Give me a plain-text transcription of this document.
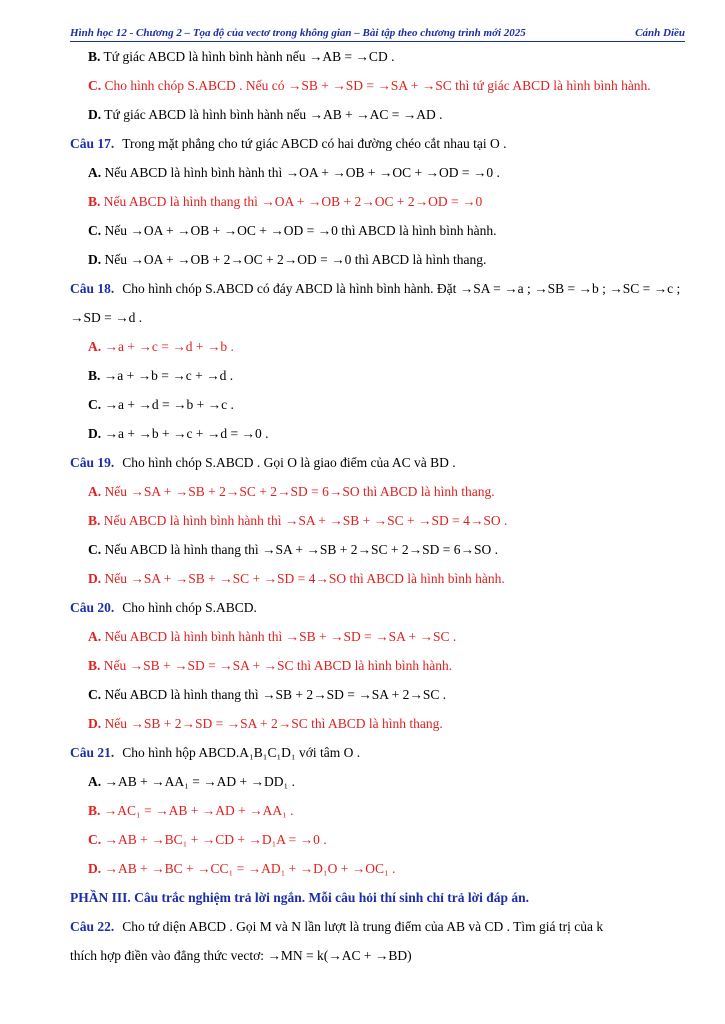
Hình học 12 - Chương 2 – Tọa độ của vectơ trong không gian – Bài tập theo chương trình mới 2025	Cánh Diều
B. Tứ giác ABCD là hình bình hành nếu →AB = →CD .
C. Cho hình chóp S.ABCD . Nếu có →SB + →SD = →SA + →SC thì tứ giác ABCD là hình bình hành.
D. Tứ giác ABCD là hình bình hành nếu →AB + →AC = →AD .
Câu 17. Trong mặt phẳng cho tứ giác ABCD có hai đường chéo cắt nhau tại O .
A. Nếu ABCD là hình bình hành thì →OA + →OB + →OC + →OD = →0 .
B. Nếu ABCD là hình thang thì →OA + →OB + 2→OC + 2→OD = →0
C. Nếu →OA + →OB + →OC + →OD = →0 thì ABCD là hình bình hành.
D. Nếu →OA + →OB + 2→OC + 2→OD = →0 thì ABCD là hình thang.
Câu 18. Cho hình chóp S.ABCD có đáy ABCD là hình bình hành. Đặt →SA = →a ; →SB = →b ; →SC = →c ;
→SD = →d .
A. →a + →c = →d + →b .
B. →a + →b = →c + →d .
C. →a + →d = →b + →c .
D. →a + →b + →c + →d = →0 .
Câu 19. Cho hình chóp S.ABCD . Gọi O là giao điểm của AC và BD .
A. Nếu →SA + →SB + 2→SC + 2→SD = 6→SO thì ABCD là hình thang.
B. Nếu ABCD là hình bình hành thì →SA + →SB + →SC + →SD = 4→SO .
C. Nếu ABCD là hình thang thì →SA + →SB + 2→SC + 2→SD = 6→SO .
D. Nếu →SA + →SB + →SC + →SD = 4→SO thì ABCD là hình bình hành.
Câu 20. Cho hình chóp S.ABCD.
A. Nếu ABCD là hình bình hành thì →SB + →SD = →SA + →SC .
B. Nếu →SB + →SD = →SA + →SC thì ABCD là hình bình hành.
C. Nếu ABCD là hình thang thì →SB + 2→SD = →SA + 2→SC .
D. Nếu →SB + 2→SD = →SA + 2→SC thì ABCD là hình thang.
Câu 21. Cho hình hộp ABCD.A₁B₁C₁D₁ với tâm O .
A. →AB + →AA₁ = →AD + →DD₁ .
B. →AC₁ = →AB + →AD + →AA₁ .
C. →AB + →BC₁ + →CD + →D₁A = →0 .
D. →AB + →BC + →CC₁ = →AD₁ + →D₁O + →OC₁ .
PHẦN III. Câu trắc nghiệm trả lời ngắn. Mỗi câu hỏi thí sinh chỉ trả lời đáp án.
Câu 22. Cho tứ diện ABCD . Gọi M và N lần lượt là trung điểm của AB và CD . Tìm giá trị của k
thích hợp điền vào đẳng thức vectơ: →MN = k(→AC + →BD)
